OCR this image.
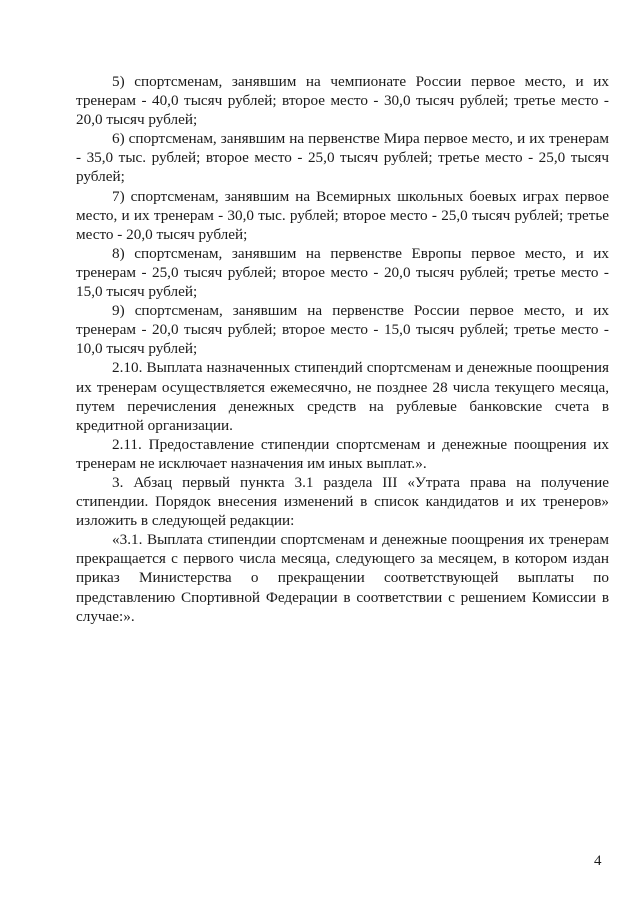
5) спортсменам, занявшим на чемпионате России первое место, и их тренерам - 40,0 тысяч рублей; второе место - 30,0 тысяч рублей; третье место - 20,0 тысяч рублей;

6) спортсменам, занявшим на первенстве Мира первое место, и их тренерам - 35,0 тыс. рублей; второе место - 25,0 тысяч рублей; третье место - 25,0 тысяч рублей;

7) спортсменам, занявшим на Всемирных школьных боевых играх первое место, и их тренерам - 30,0 тыс. рублей; второе место - 25,0 тысяч рублей; третье место - 20,0 тысяч рублей;

8) спортсменам, занявшим на первенстве Европы первое место, и их тренерам - 25,0 тысяч рублей; второе место - 20,0 тысяч рублей; третье место - 15,0 тысяч рублей;

9) спортсменам, занявшим на первенстве России первое место, и их тренерам - 20,0 тысяч рублей; второе место - 15,0 тысяч рублей; третье место - 10,0 тысяч рублей;

2.10. Выплата назначенных стипендий спортсменам и денежные поощрения их тренерам осуществляется ежемесячно, не позднее 28 числа текущего месяца, путем перечисления денежных средств на рублевые банковские счета в кредитной организации.

2.11. Предоставление стипендии спортсменам и денежные поощрения их тренерам не исключает назначения им иных выплат.».

3. Абзац первый пункта 3.1 раздела III «Утрата права на получение стипендии. Порядок внесения изменений в список кандидатов и их тренеров» изложить в следующей редакции:

«3.1. Выплата стипендии спортсменам и денежные поощрения их тренерам прекращается с первого числа месяца, следующего за месяцем, в котором издан приказ Министерства о прекращении соответствующей выплаты по представлению Спортивной Федерации в соответствии с решением Комиссии в случае:».

4
